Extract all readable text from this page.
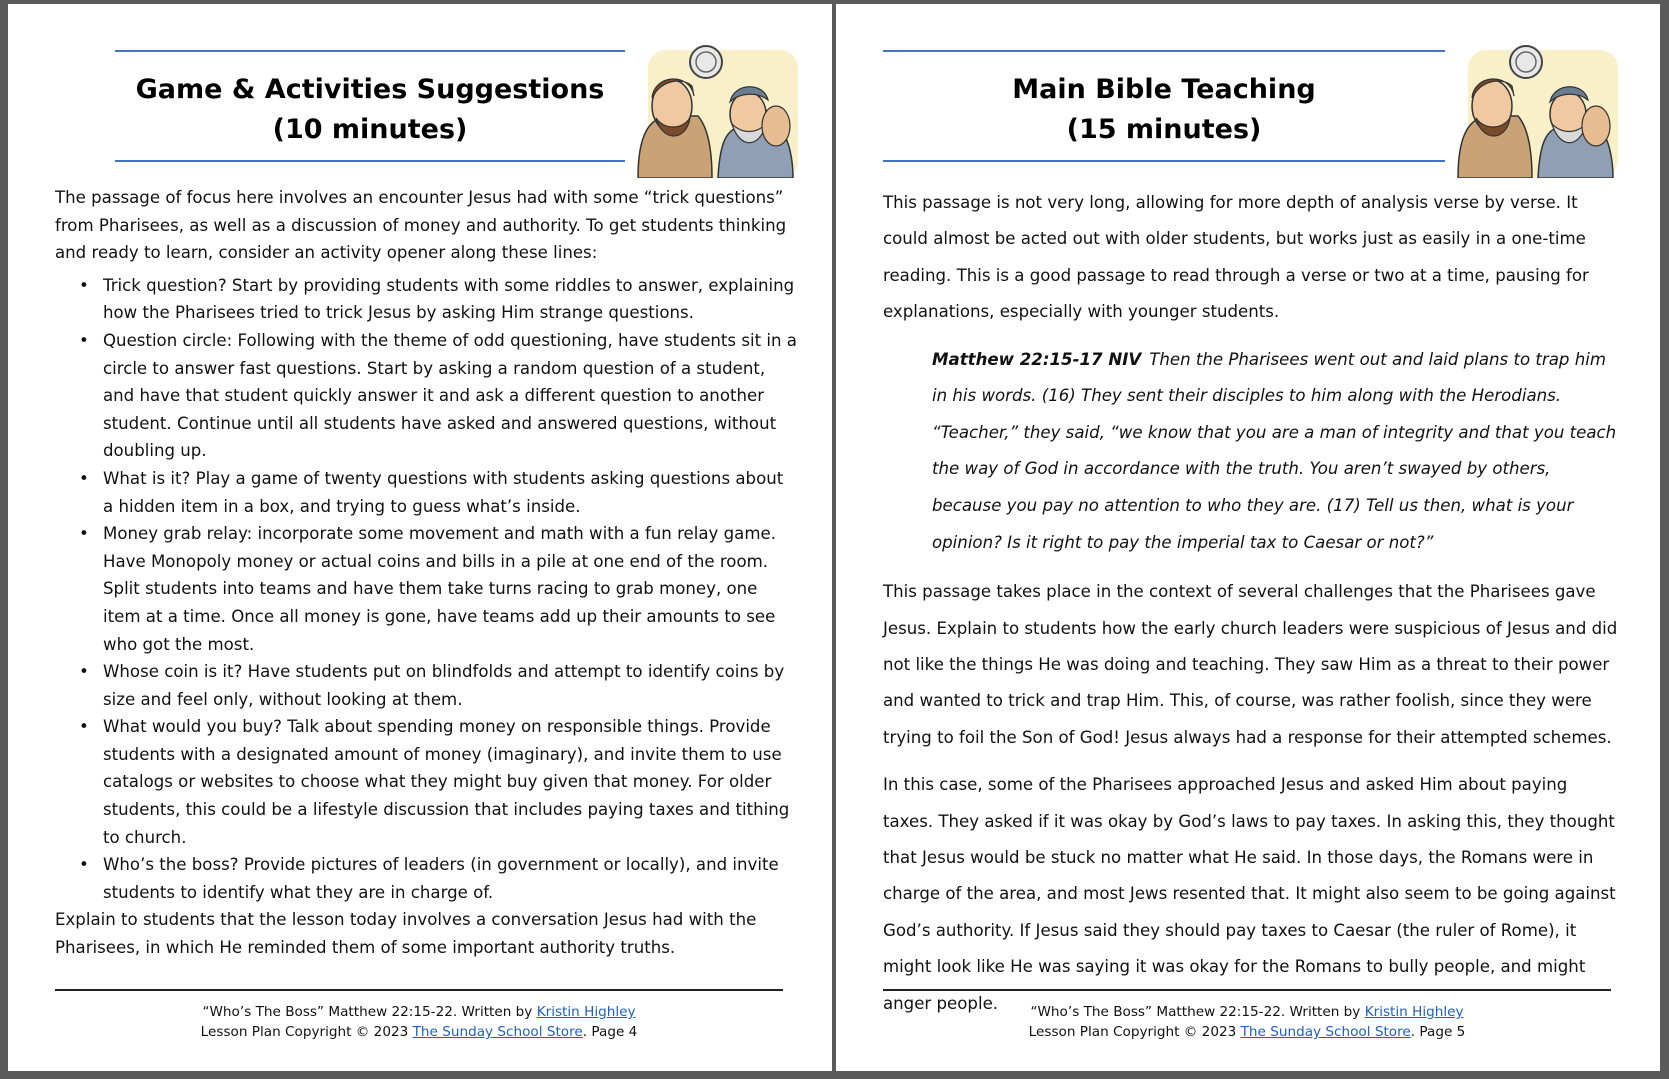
Game & Activities Suggestions
(10 minutes)

The passage of focus here involves an encounter Jesus had with some “trick questions” from Pharisees, as well as a discussion of money and authority. To get students thinking and ready to learn, consider an activity opener along these lines:

• Trick question? Start by providing students with some riddles to answer, explaining how the Pharisees tried to trick Jesus by asking Him strange questions.
• Question circle: Following with the theme of odd questioning, have students sit in a circle to answer fast questions. Start by asking a random question of a student, and have that student quickly answer it and ask a different question to another student. Continue until all students have asked and answered questions, without doubling up.
• What is it? Play a game of twenty questions with students asking questions about a hidden item in a box, and trying to guess what’s inside.
• Money grab relay: incorporate some movement and math with a fun relay game. Have Monopoly money or actual coins and bills in a pile at one end of the room. Split students into teams and have them take turns racing to grab money, one item at a time. Once all money is gone, have teams add up their amounts to see who got the most.
• Whose coin is it? Have students put on blindfolds and attempt to identify coins by size and feel only, without looking at them.
• What would you buy? Talk about spending money on responsible things. Provide students with a designated amount of money (imaginary), and invite them to use catalogs or websites to choose what they might buy given that money. For older students, this could be a lifestyle discussion that includes paying taxes and tithing to church.
• Who’s the boss? Provide pictures of leaders (in government or locally), and invite students to identify what they are in charge of.

Explain to students that the lesson today involves a conversation Jesus had with the Pharisees, in which He reminded them of some important authority truths.

“Who’s The Boss” Matthew 22:15-22. Written by Kristin Highley
Lesson Plan Copyright © 2023 The Sunday School Store. Page 4
Main Bible Teaching
(15 minutes)

This passage is not very long, allowing for more depth of analysis verse by verse. It could almost be acted out with older students, but works just as easily in a one-time reading. This is a good passage to read through a verse or two at a time, pausing for explanations, especially with younger students.

Matthew 22:15-17 NIV Then the Pharisees went out and laid plans to trap him in his words. (16) They sent their disciples to him along with the Herodians. “Teacher,” they said, “we know that you are a man of integrity and that you teach the way of God in accordance with the truth. You aren’t swayed by others, because you pay no attention to who they are. (17) Tell us then, what is your opinion? Is it right to pay the imperial tax to Caesar or not?”

This passage takes place in the context of several challenges that the Pharisees gave Jesus. Explain to students how the early church leaders were suspicious of Jesus and did not like the things He was doing and teaching. They saw Him as a threat to their power and wanted to trick and trap Him. This, of course, was rather foolish, since they were trying to foil the Son of God! Jesus always had a response for their attempted schemes.

In this case, some of the Pharisees approached Jesus and asked Him about paying taxes. They asked if it was okay by God’s laws to pay taxes. In asking this, they thought that Jesus would be stuck no matter what He said. In those days, the Romans were in charge of the area, and most Jews resented that. It might also seem to be going against God’s authority. If Jesus said they should pay taxes to Caesar (the ruler of Rome), it might look like He was saying it was okay for the Romans to bully people, and might anger people.	“Who’s The Boss” Matthew 22:15-22. Written by Kristin Highley
Lesson Plan Copyright © 2023 The Sunday School Store. Page 5
